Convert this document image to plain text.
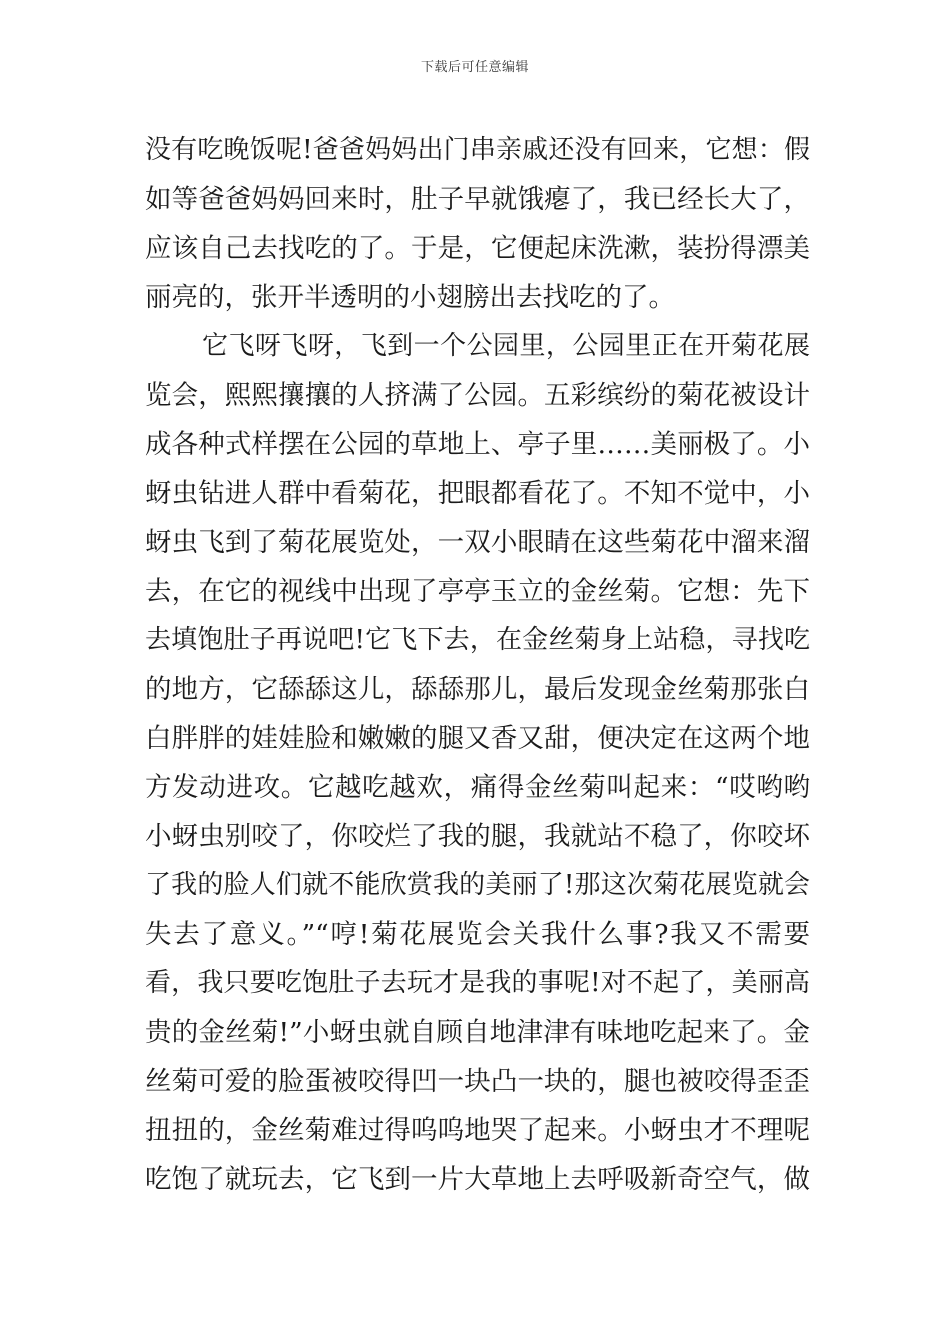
下载后可任意编辑
没有吃晚饭呢!爸爸妈妈出门串亲戚还没有回来，它想：假
如等爸爸妈妈回来时，肚子早就饿瘪了，我已经长大了，
应该自己去找吃的了。于是，它便起床洗漱，装扮得漂美
丽亮的，张开半透明的小翅膀出去找吃的了。
它飞呀飞呀，飞到一个公园里，公园里正在开菊花展
览会，熙熙攘攘的人挤满了公园。五彩缤纷的菊花被设计
成各种式样摆在公园的草地上、亭子里……美丽极了。小
蚜虫钻进人群中看菊花，把眼都看花了。不知不觉中，小
蚜虫飞到了菊花展览处，一双小眼睛在这些菊花中溜来溜
去，在它的视线中出现了亭亭玉立的金丝菊。它想：先下
去填饱肚子再说吧!它飞下去，在金丝菊身上站稳，寻找吃
的地方，它舔舔这儿，舔舔那儿，最后发现金丝菊那张白
白胖胖的娃娃脸和嫩嫩的腿又香又甜，便决定在这两个地
方发动进攻。它越吃越欢，痛得金丝菊叫起来：“哎哟哟
小蚜虫别咬了，你咬烂了我的腿，我就站不稳了，你咬坏
了我的脸人们就不能欣赏我的美丽了!那这次菊花展览就会
失去了意义。”“哼!菊花展览会关我什么事?我又不需要
看，我只要吃饱肚子去玩才是我的事呢!对不起了，美丽高
贵的金丝菊!”小蚜虫就自顾自地津津有味地吃起来了。金
丝菊可爱的脸蛋被咬得凹一块凸一块的，腿也被咬得歪歪
扭扭的，金丝菊难过得呜呜地哭了起来。小蚜虫才不理呢
吃饱了就玩去，它飞到一片大草地上去呼吸新奇空气，做
